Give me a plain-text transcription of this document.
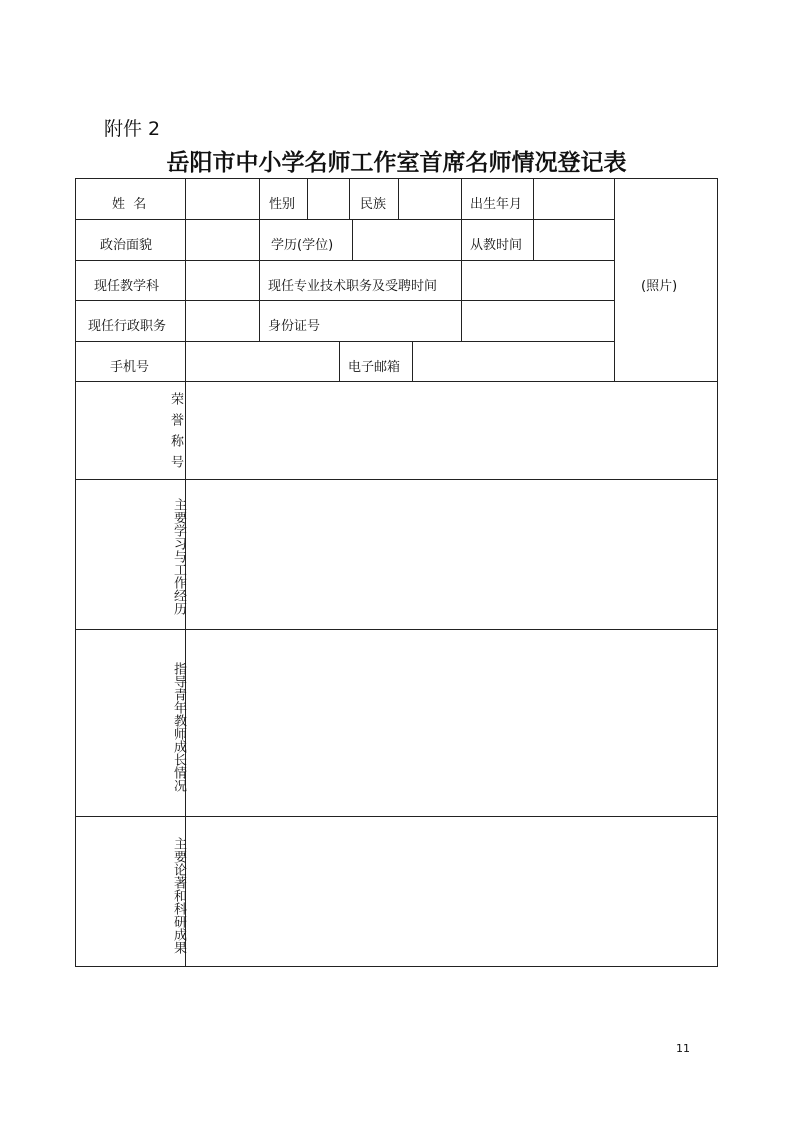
附件 2
岳阳市中小学名师工作室首席名师情况登记表
姓  名	性别	民族	出生年月
政治面貌	学历(学位)	从教时间
现任教学科	现任专业技术职务及受聘时间	(照片)
现任行政职务	身份证号
手机号	电子邮箱
荣誉称号
主要学习与工作经历
指导青年教师成长情况
主要论著和科研成果
11
